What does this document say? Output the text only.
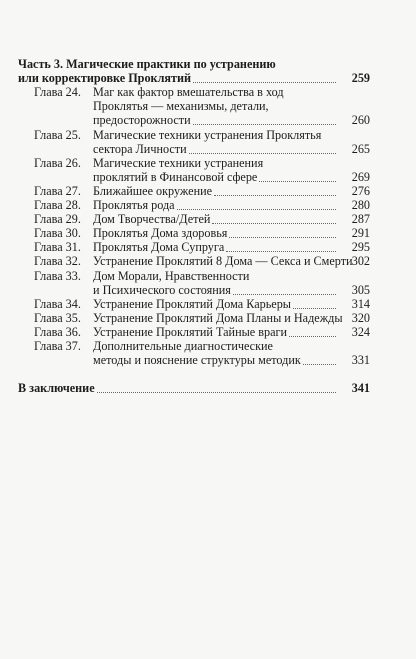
Часть 3. Магические практики по устранению
или корректировке Проклятий	259
Глава 24. Маг как фактор вмешательства в ход
Проклятья — механизмы, детали,
предосторожности	260
Глава 25. Магические техники устранения Проклятья
сектора Личности	265
Глава 26. Магические техники устранения
проклятий в Финансовой сфере	269
Глава 27. Ближайшее окружение	276
Глава 28. Проклятья рода	280
Глава 29. Дом Творчества/Детей	287
Глава 30. Проклятья Дома здоровья	291
Глава 31. Проклятья Дома Супруга	295
Глава 32. Устранение Проклятий 8 Дома — Секса и Смерти 302
Глава 33. Дом Морали, Нравственности
и Психического состояния	305
Глава 34. Устранение Проклятий Дома Карьеры	314
Глава 35. Устранение Проклятий Дома Планы и Надежды 320
Глава 36. Устранение Проклятий Тайные враги	324
Глава 37. Дополнительные диагностические
методы и пояснение структуры методик	331
В заключение	341
